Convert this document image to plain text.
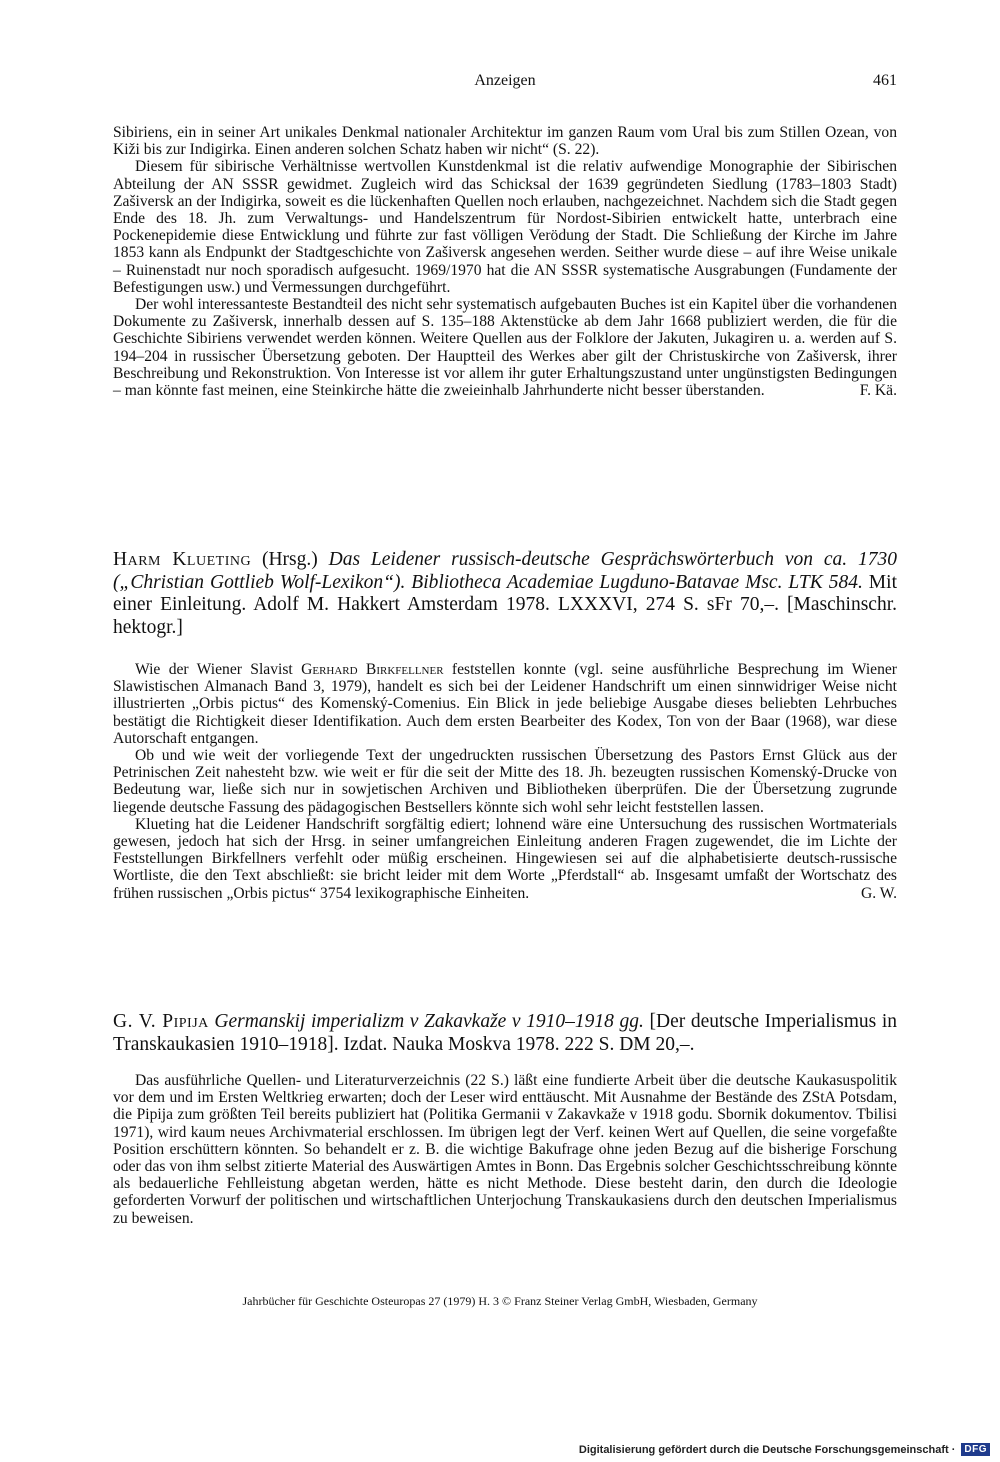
Anzeigen	461

Sibiriens, ein in seiner Art unikales Denkmal nationaler Architektur im ganzen Raum vom Ural bis zum Stillen Ozean, von Kiži bis zur Indigirka. Einen anderen solchen Schatz haben wir nicht“ (S. 22).

Diesem für sibirische Verhältnisse wertvollen Kunstdenkmal ist die relativ aufwendige Monographie der Sibirischen Abteilung der AN SSSR gewidmet. Zugleich wird das Schicksal der 1639 gegründeten Siedlung (1783–1803 Stadt) Zašiversk an der Indigirka, soweit es die lückenhaften Quellen noch erlauben, nachgezeichnet. Nachdem sich die Stadt gegen Ende des 18. Jh. zum Verwaltungs- und Handelszentrum für Nordost-Sibirien entwickelt hatte, unterbrach eine Pockenepidemie diese Entwicklung und führte zur fast völligen Verödung der Stadt. Die Schließung der Kirche im Jahre 1853 kann als Endpunkt der Stadtgeschichte von Zašiversk angesehen werden. Seither wurde diese – auf ihre Weise unikale – Ruinenstadt nur noch sporadisch aufgesucht. 1969/1970 hat die AN SSSR systematische Ausgrabungen (Fundamente der Befestigungen usw.) und Vermessungen durchgeführt.

Der wohl interessanteste Bestandteil des nicht sehr systematisch aufgebauten Buches ist ein Kapitel über die vorhandenen Dokumente zu Zašiversk, innerhalb dessen auf S. 135–188 Aktenstücke ab dem Jahr 1668 publiziert werden, die für die Geschichte Sibiriens verwendet werden können. Weitere Quellen aus der Folklore der Jakuten, Jukagiren u. a. werden auf S. 194–204 in russischer Übersetzung geboten. Der Hauptteil des Werkes aber gilt der Christuskirche von Zašiversk, ihrer Beschreibung und Rekonstruktion. Von Interesse ist vor allem ihr guter Erhaltungszustand unter ungünstigsten Bedingungen – man könnte fast meinen, eine Steinkirche hätte die zweieinhalb Jahrhunderte nicht besser überstanden.	F. Kä.

Harm Klueting (Hrsg.) Das Leidener russisch-deutsche Gesprächswörterbuch von ca. 1730 („Christian Gottlieb Wolf-Lexikon“). Bibliotheca Academiae Lugduno-Batavae Msc. LTK 584. Mit einer Einleitung. Adolf M. Hakkert Amsterdam 1978. LXXXVI, 274 S. sFr 70,–. [Maschinschr. hektogr.]

Wie der Wiener Slavist Gerhard Birkfellner feststellen konnte (vgl. seine ausführliche Besprechung im Wiener Slawistischen Almanach Band 3, 1979), handelt es sich bei der Leidener Handschrift um einen sinnwidriger Weise nicht illustrierten „Orbis pictus“ des Komenský-Comenius. Ein Blick in jede beliebige Ausgabe dieses beliebten Lehrbuches bestätigt die Richtigkeit dieser Identifikation. Auch dem ersten Bearbeiter des Kodex, Ton von der Baar (1968), war diese Autorschaft entgangen.

Ob und wie weit der vorliegende Text der ungedruckten russischen Übersetzung des Pastors Ernst Glück aus der Petrinischen Zeit nahesteht bzw. wie weit er für die seit der Mitte des 18. Jh. bezeugten russischen Komenský-Drucke von Bedeutung war, ließe sich nur in sowjetischen Archiven und Bibliotheken überprüfen. Die der Übersetzung zugrunde liegende deutsche Fassung des pädagogischen Bestsellers könnte sich wohl sehr leicht feststellen lassen.

Klueting hat die Leidener Handschrift sorgfältig ediert; lohnend wäre eine Untersuchung des russischen Wortmaterials gewesen, jedoch hat sich der Hrsg. in seiner umfangreichen Einleitung anderen Fragen zugewendet, die im Lichte der Feststellungen Birkfellners verfehlt oder müßig erscheinen. Hingewiesen sei auf die alphabetisierte deutsch-russische Wortliste, die den Text abschließt: sie bricht leider mit dem Worte „Pferdstall“ ab. Insgesamt umfaßt der Wortschatz des frühen russischen „Orbis pictus“ 3754 lexikographische Einheiten.	G. W.

G. V. Pipija Germanskij imperializm v Zakavkaže v 1910–1918 gg. [Der deutsche Imperialismus in Transkaukasien 1910–1918]. Izdat. Nauka Moskva 1978. 222 S. DM 20,–.

Das ausführliche Quellen- und Literaturverzeichnis (22 S.) läßt eine fundierte Arbeit über die deutsche Kaukasuspolitik vor dem und im Ersten Weltkrieg erwarten; doch der Leser wird enttäuscht. Mit Ausnahme der Bestände des ZStA Potsdam, die Pipija zum größten Teil bereits publiziert hat (Politika Germanii v Zakavkaže v 1918 godu. Sbornik dokumentov. Tbilisi 1971), wird kaum neues Archivmaterial erschlossen. Im übrigen legt der Verf. keinen Wert auf Quellen, die seine vorgefaßte Position erschüttern könnten. So behandelt er z. B. die wichtige Bakufrage ohne jeden Bezug auf die bisherige Forschung oder das von ihm selbst zitierte Material des Auswärtigen Amtes in Bonn. Das Ergebnis solcher Geschichtsschreibung könnte als bedauerliche Fehlleistung abgetan werden, hätte es nicht Methode. Diese besteht darin, den durch die Ideologie geforderten Vorwurf der politischen und wirtschaftlichen Unterjochung Transkaukasiens durch den deutschen Imperialismus zu beweisen.

Jahrbücher für Geschichte Osteuropas 27 (1979) H. 3 © Franz Steiner Verlag GmbH, Wiesbaden, Germany
Digitalisierung gefördert durch die Deutsche Forschungsgemeinschaft · DFG
